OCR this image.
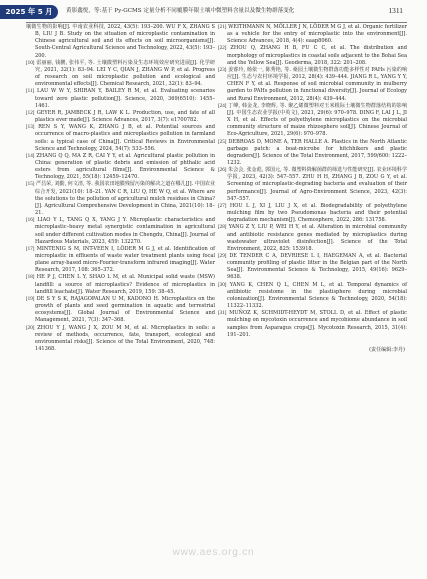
2025 年 5 月	黄影鑫悦，等:基于 Py-GCMS 定量分析不同覆膜年限土壤中微塑料含量以及微生物群落变化	1311

壤微生物的影响[J]. 中南农业科技, 2022, 43(5): 193–200. WU F X, ZHANG S B, LIU J B. Study on the situation of microplastic contamination in Chinese agricultural soil and its effects on soil microorganisms[J]. South-Central Agricultural Science and Technology, 2022, 43(5): 193–200.

[10] 雷丽丽, 钱鹏, 张伟平, 等. 土壤微塑料污染及生态环境效应研究进展[J]. 化学研究, 2021, 32(1): 83–94. LEI Y C, QIAN J, ZHANG W P, et al. Progress of research on soil microplastic pollution and ecological and environmental effects[J]. Chemical Research, 2021, 32(1): 83–94.

[11] LAU W W Y, SHIRAN Y, BAILEY R M, et al. Evaluating scenarios toward zero plastic pollution[J]. Science, 2020, 369(6510): 1455–1461.

[12] GEYER R, JAMBECK J R, LAW K L. Production, use, and fate of all plastics ever made[J]. Science Advances, 2017, 3(7): e1700782.

[13] REN S Y, WANG K, ZHANG J B, et al. Potential sources and occurrence of macro-plastics and microplastics pollution in farmland soils: a typical case of China[J]. Critical Reviews in Environmental Science and Technology, 2024, 54(7): 533–556.

[14] ZHANG Q Q, MA Z R, CAI Y Y, et al. Agricultural plastic pollution in China: generation of plastic debris and emission of phthalic acid esters from agricultural films[J]. Environmental Science & Technology, 2021, 55(18): 12459–12470.

[15] 严昌荣, 刘勤, 何文清, 等. 我国农田地膜残留污染的解决之道在哪儿[J]. 中国农业综合开发, 2021(10): 18–21. YAN C R, LIU Q, HE W Q, et al. Where are the solutions to the pollution of agricultural mulch residues in China?[J]. Agricultural Comprehensive Development in China, 2021(10): 18–21.

[16] LIAO Y L, TANG Q X, YANG J Y. Microplastic characteristics and microplastic–heavy metal synergistic contamination in agricultural soil under different cultivation modes in Chengdu, China[J]. Journal of Hazardous Materials, 2023, 459: 132270.

[17] MINTENIG S M, INT-VEEN I, LÖDER M G J, et al. Identification of microplastic in effluents of waste water treatment plants using focal plane array-based micro-Fourier-transform infrared imaging[J]. Water Research, 2017, 108: 365–372.

[18] HE P J, CHEN L Y, SHAO L M, et al. Municipal solid waste (MSW) landfill: a source of microplastics? Evidence of microplastics in landfill leachate[J]. Water Research, 2019, 159: 38–45.

[19] DE S Y S K, RAJAGOPALAN U M, KADONO H. Microplastics on the growth of plants and seed germination in aquatic and terrestrial ecosystems[J]. Global Journal of Environmental Science and Management, 2021, 7(3): 347–368.

[20] ZHOU Y J, WANG J X, ZOU M M, et al. Microplastics in soils: a review of methods, occurrence, fate, transport, ecological and environmental risks[J]. Science of the Total Environment, 2020, 748: 141368.

[21] WEITHMANN N, MÖLLER J N, LÖDER M G J, et al. Organic fertilizer as a vehicle for the entry of microplastic into the environment[J]. Science Advances, 2018, 4(4): eaap8060.

[22] ZHOU Q, ZHANG H B, FU C C, et al. The distribution and morphology of microplastics in coastal soils adjacent to the Bohai Sea and the Yellow Sea[J]. Geoderma, 2018, 322: 201–208.

[23] 姜睿玲, 杨依一, 陈秀艳, 等. 桑园土壤微生物群落功能多样性对 PAHs 污染的响应[J]. 生态与农村环境学报, 2012, 28(4): 439–444. JIANG R L, YANG Y Y, CHEN F Y, et al. Response of soil microbial community in mulberry garden to PAHs pollution in functional diversity[J]. Journal of Ecology and Rural Environment, 2012, 28(4): 439–444.

[24] 丁峰, 韩金龙, 李晓辉, 等. 聚乙烯微塑料对玉米根际土壤微生物群落结构的影响[J]. 中国生态农业学报(中英文), 2021, 29(6): 970–978. DING F, LAI J L, JI X H, et al. Effects of polyethylene microplastics on the microbial community structure of maize rhizosphere soil[J]. Chinese Journal of Eco-Agriculture, 2021, 29(6): 970–978.

[25] DEBROAS D, MONE A, TER HALLE A. Plastics in the North Atlantic garbage patch: a boat-microbe for hitchhikers and plastic degraders[J]. Science of the Total Environment, 2017, 599/600: 1222–1232.

[26] 朱会会, 张金彪, 郭国元, 等. 微塑料降解菌群的筛选与性能研究[J]. 农业环境科学学报, 2023, 42(3): 547–557. ZHU H H, ZHANG J B, ZOU G Y, et al. Screening of microplastic-degrading bacteria and evaluation of their performance[J]. Journal of Agro-Environment Science, 2023, 42(3): 547–557.

[27] HOU L J, XI J, LIU J X, et al. Biodegradability of polyethylene mulching film by two Pseudomonas bacteria and their potential degradation mechanism[J]. Chemosphere, 2022, 286: 131758.

[28] YANG Z Y, LIU P, WEI H Y, et al. Alteration in microbial community and antibiotic resistance genes mediated by microplastics during wastewater ultraviolet disinfection[J]. Science of the Total Environment, 2022, 825: 153918.

[29] DE TENDER C A, DEVRIESE L I, HAEGEMAN A, et al. Bacterial community profiling of plastic litter in the Belgian part of the North Sea[J]. Environmental Science & Technology, 2015, 49(16): 9629–9638.

[30] YANG K, CHEN Q L, CHEN M L, et al. Temporal dynamics of antibiotic resistome in the plastisphere during microbial colonization[J]. Environmental Science & Technology, 2020, 54(18): 11322–11332.

[31] MUÑOZ K, SCHMIDT-HEYDT M, STOLL D, et al. Effect of plastic mulching on mycotoxin occurrence and mycobiome abundance in soil samples from Asparagus crops[J]. Mycotoxin Research, 2015, 31(4): 191–201.

(责任编辑:李丹)
www.aes.org.cn
